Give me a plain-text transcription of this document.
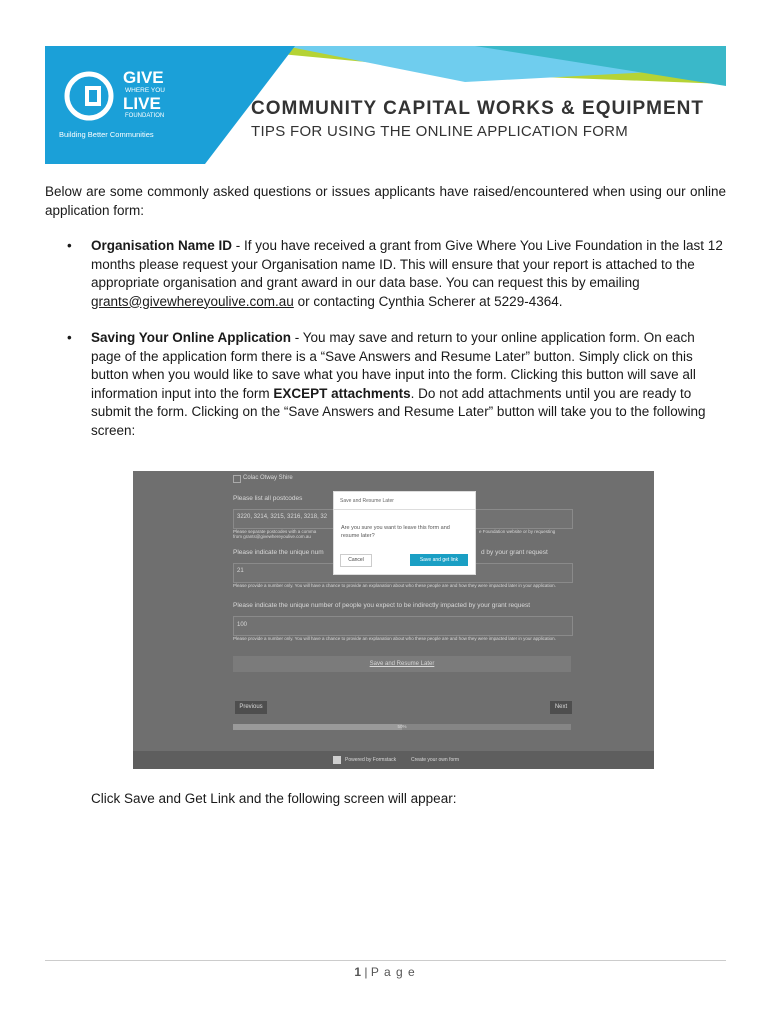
GIVE
WHERE YOU
LIVE
FOUNDATION
Building Better Communities
COMMUNITY CAPITAL WORKS & EQUIPMENT
TIPS FOR USING THE ONLINE APPLICATION FORM
Below are some commonly asked questions or issues applicants have raised/encountered when using our online application form:
• Organisation Name ID - If you have received a grant from Give Where You Live Foundation in the last 12 months please request your Organisation name ID. This will ensure that your report is attached to the appropriate organisation and grant award in our data base. You can request this by emailing grants@givewhereyoulive.com.au or contacting Cynthia Scherer at 5229-4364.
• Saving Your Online Application - You may save and return to your online application form. On each page of the application form there is a “Save Answers and Resume Later” button. Simply click on this button when you would like to save what you have input into the form. Clicking this button will save all information input into the form EXCEPT attachments. Do not add attachments until you are ready to submit the form. Clicking on the “Save Answers and Resume Later” button will take you to the following screen:
Colac Otway Shire
Please list all postcodes
3220, 3214, 3215, 3216, 3218, 32
Please separate postcodes with a comma
from grants@givewhereyoulive.com.au
e Foundation website or by requesting
Please indicate the unique num	d by your grant request
21
Please provide a number only. You will have a chance to provide an explanation about who these people are and how they were impacted later in your application.
Please indicate the unique number of people you expect to be indirectly impacted by your grant request
100
Please provide a number only. You will have a chance to provide an explanation about who these people are and how they were impacted later in your application.
Save and Resume Later
Previous	Next
50%
Powered by Formstack	Create your own form
Save and Resume Later
Are you sure you want to leave this form and resume later?
Cancel	Save and get link
Click Save and Get Link and the following screen will appear:
1 | P a g e
